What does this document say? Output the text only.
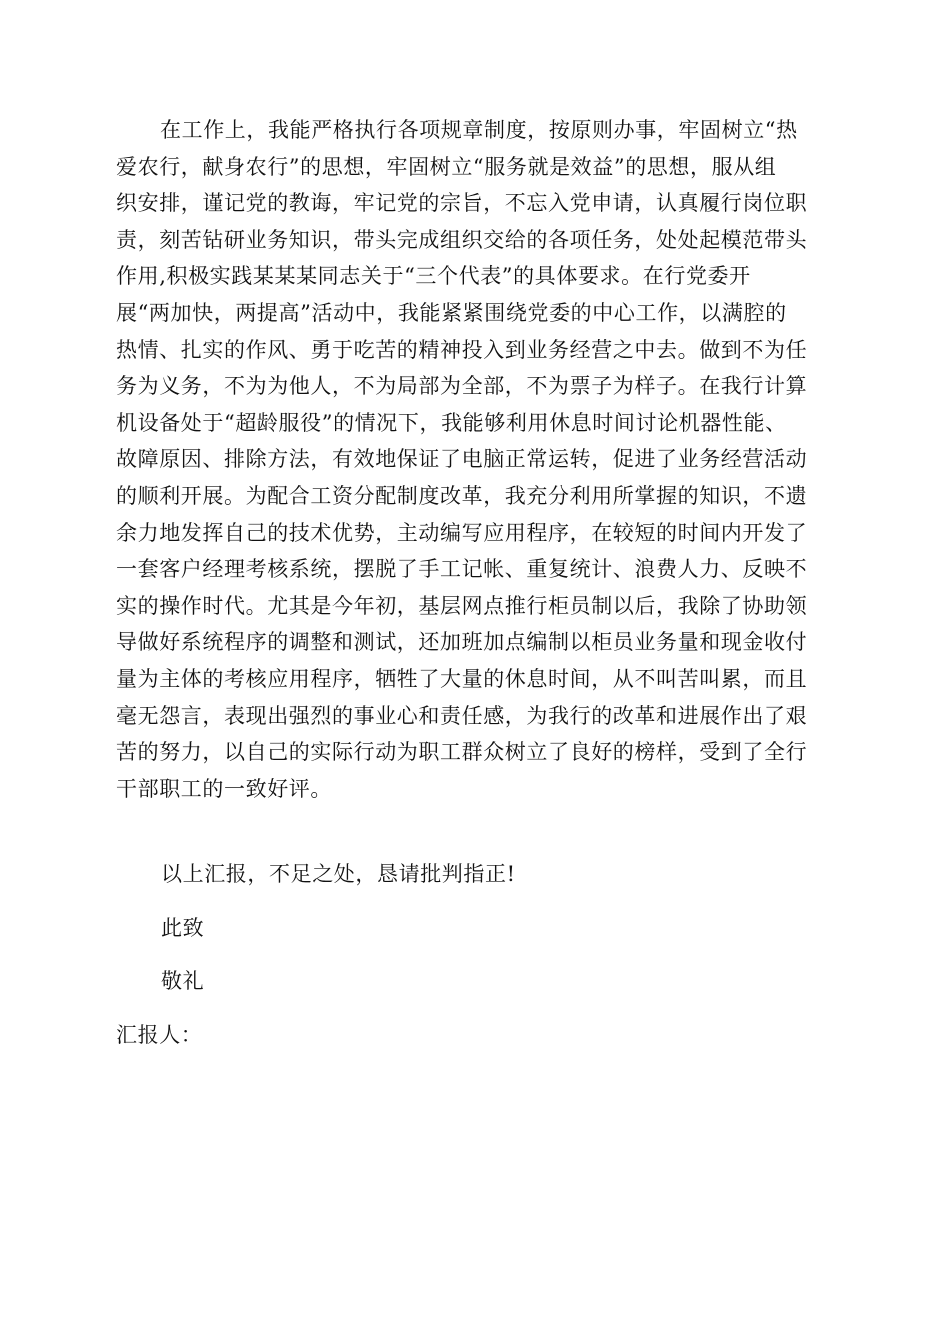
在工作上，我能严格执行各项规章制度，按原则办事，牢固树立“热
爱农行，献身农行”的思想，牢固树立“服务就是效益”的思想，服从组
织安排，谨记党的教诲，牢记党的宗旨，不忘入党申请，认真履行岗位职
责，刻苦钻研业务知识，带头完成组织交给的各项任务，处处起模范带头
作用,积极实践某某某同志关于“三个代表”的具体要求。在行党委开
展“两加快，两提高”活动中，我能紧紧围绕党委的中心工作，以满腔的
热情、扎实的作风、勇于吃苦的精神投入到业务经营之中去。做到不为任
务为义务，不为为他人，不为局部为全部，不为票子为样子。在我行计算
机设备处于“超龄服役”的情况下，我能够利用休息时间讨论机器性能、
故障原因、排除方法，有效地保证了电脑正常运转，促进了业务经营活动
的顺利开展。为配合工资分配制度改革，我充分利用所掌握的知识，不遗
余力地发挥自己的技术优势，主动编写应用程序，在较短的时间内开发了
一套客户经理考核系统，摆脱了手工记帐、重复统计、浪费人力、反映不
实的操作时代。尤其是今年初，基层网点推行柜员制以后，我除了协助领
导做好系统程序的调整和测试，还加班加点编制以柜员业务量和现金收付
量为主体的考核应用程序，牺牲了大量的休息时间，从不叫苦叫累，而且
毫无怨言，表现出强烈的事业心和责任感，为我行的改革和进展作出了艰
苦的努力，以自己的实际行动为职工群众树立了良好的榜样，受到了全行
干部职工的一致好评。
以上汇报，不足之处，恳请批判指正!
此致
敬礼
汇报人：
